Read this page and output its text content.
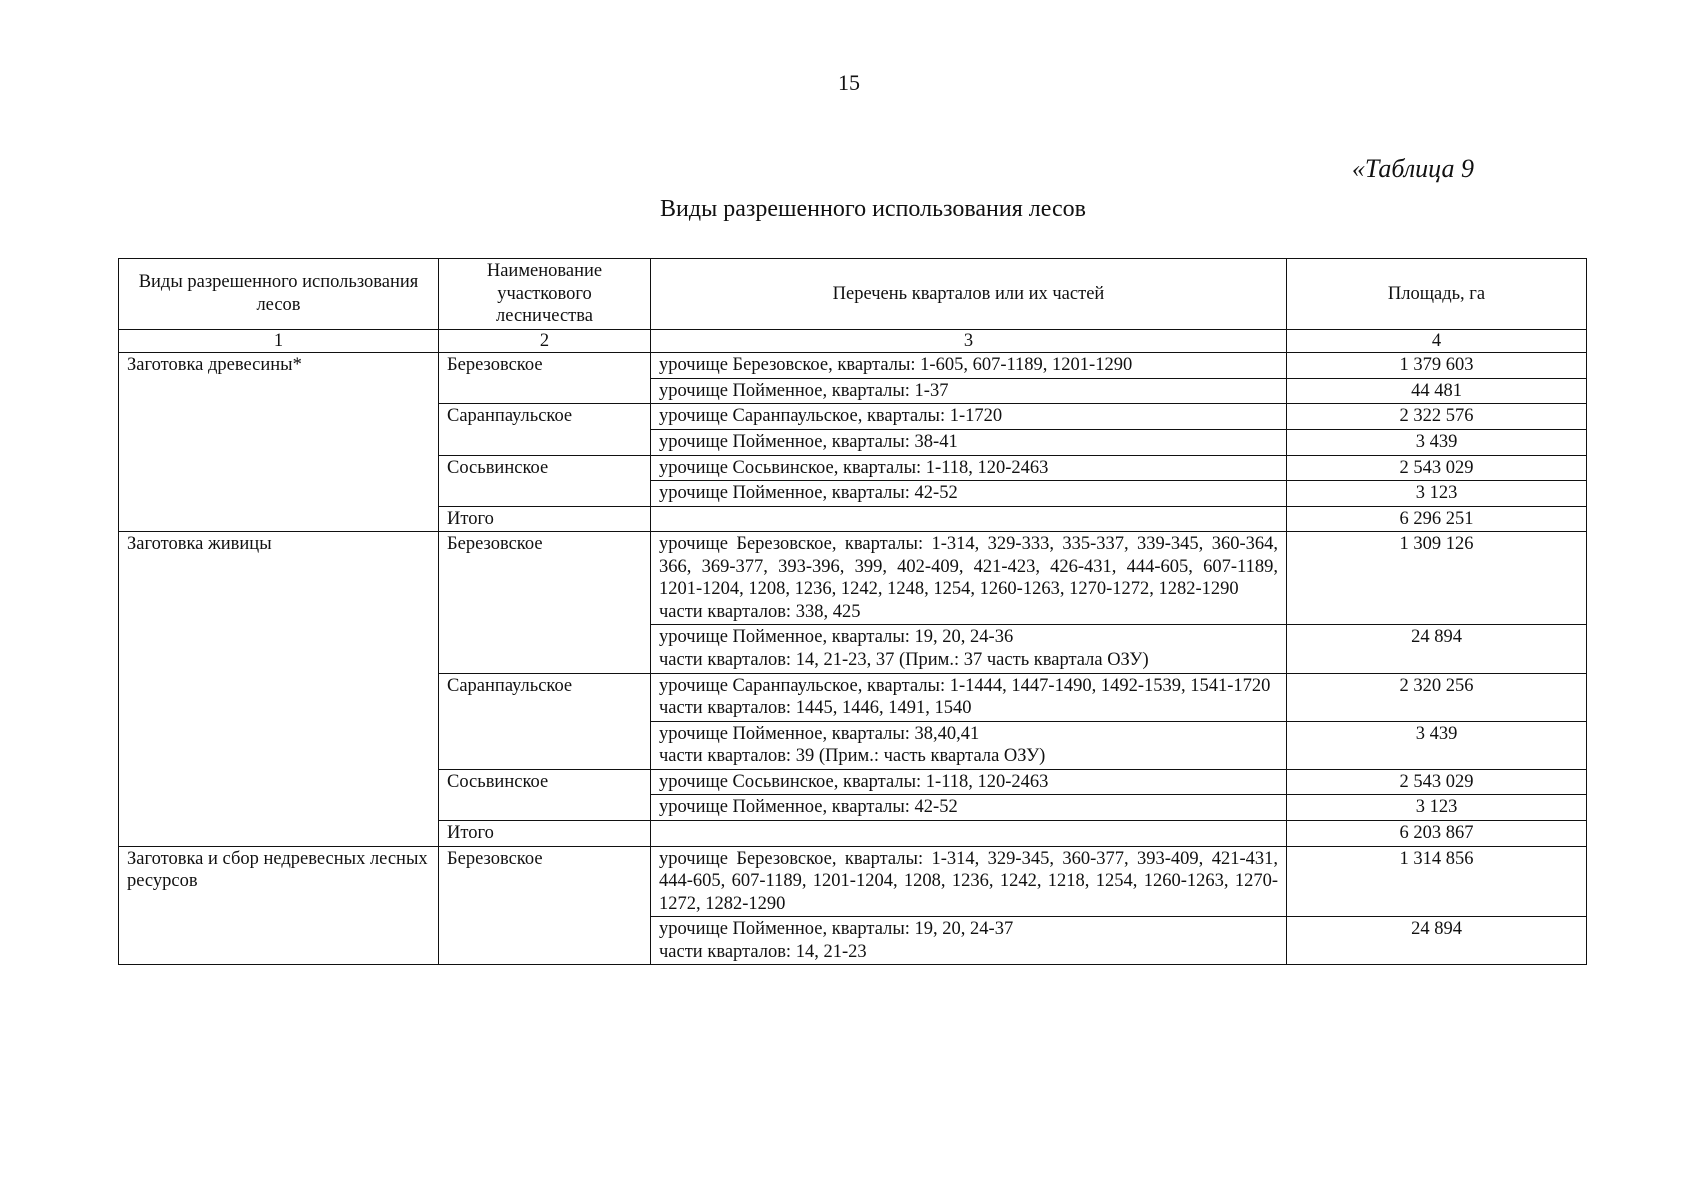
15
«Таблица 9
Виды разрешенного использования лесов
Виды разрешенного использования лесов	Наименование участкового лесничества	Перечень кварталов или их частей	Площадь, га
1	2	3	4
Заготовка древесины*	Березовское	урочище Березовское, кварталы: 1-605, 607-1189, 1201-1290	1 379 603

		урочище Пойменное, кварталы: 1-37	44 481
	Саранпаульское	урочище Саранпаульское, кварталы: 1-1720	2 322 576

		урочище Пойменное, кварталы: 38-41	3 439
	Сосьвинское	урочище Сосьвинское, кварталы: 1-118, 120-2463	2 543 029

		урочище Пойменное, кварталы: 42-52	3 123
	Итого		6 296 251
Заготовка живицы	Березовское	урочище Березовское, кварталы: 1-314, 329-333, 335-337, 339-345, 360-364, 366, 369-377, 393-396, 399, 402-409, 421-423, 426-431, 444-605, 607-1189, 1201-1204, 1208, 1236, 1242, 1248, 1254, 1260-1263, 1270-1272, 1282-1290
части кварталов: 338, 425	1 309 126

		урочище Пойменное, кварталы: 19, 20, 24-36
части кварталов: 14, 21-23, 37 (Прим.: 37 часть квартала ОЗУ)	24 894
	Саранпаульское	урочище Саранпаульское, кварталы: 1-1444, 1447-1490, 1492-1539, 1541-1720
части кварталов: 1445, 1446, 1491, 1540	2 320 256

		урочище Пойменное, кварталы: 38,40,41
части кварталов: 39 (Прим.: часть квартала ОЗУ)	3 439
	Сосьвинское	урочище Сосьвинское, кварталы: 1-118, 120-2463	2 543 029

		урочище Пойменное, кварталы: 42-52	3 123
	Итого		6 203 867
Заготовка и сбор недревесных лесных ресурсов	Березовское	урочище Березовское, кварталы: 1-314, 329-345, 360-377, 393-409, 421-431, 444-605, 607-1189, 1201-1204, 1208, 1236, 1242, 1218, 1254, 1260-1263, 1270-1272, 1282-1290	1 314 856

		урочище Пойменное, кварталы: 19, 20, 24-37
части кварталов: 14, 21-23	24 894
